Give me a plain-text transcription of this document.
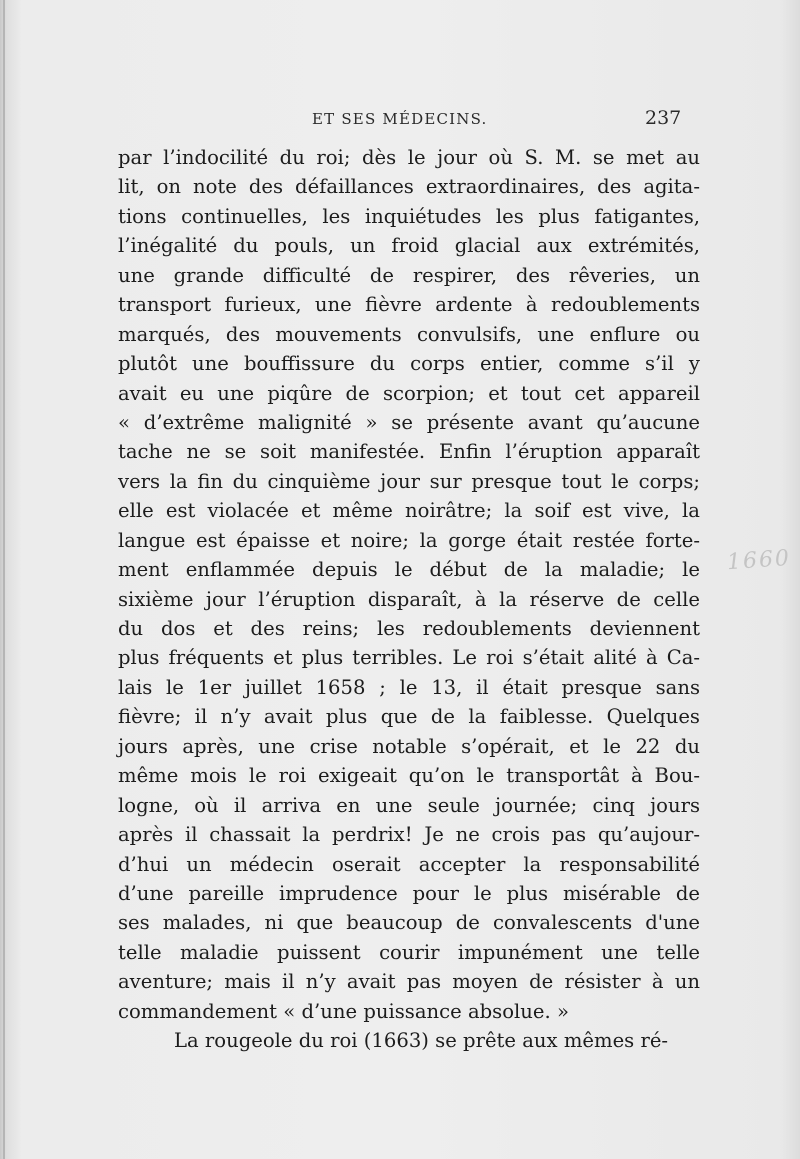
ET SES MÉDECINS.	237
par l’indocilité du roi; dès le jour où S. M. se met au
lit, on note des défaillances extraordinaires, des agita-
tions continuelles, les inquiétudes les plus fatigantes,
l’inégalité du pouls, un froid glacial aux extrémités,
une grande difficulté de respirer, des rêveries, un
transport furieux, une fièvre ardente à redoublements
marqués, des mouvements convulsifs, une enflure ou
plutôt une bouffissure du corps entier, comme s’il y
avait eu une piqûre de scorpion; et tout cet appareil
« d’extrême malignité » se présente avant qu’aucune
tache ne se soit manifestée. Enfin l’éruption apparaît
vers la fin du cinquième jour sur presque tout le corps;
elle est violacée et même noirâtre; la soif est vive, la
langue est épaisse et noire; la gorge était restée forte-
ment enflammée depuis le début de la maladie; le
sixième jour l’éruption disparaît, à la réserve de celle
du dos et des reins; les redoublements deviennent
plus fréquents et plus terribles. Le roi s’était alité à Ca-
lais le 1er juillet 1658 ; le 13, il était presque sans
fièvre; il n’y avait plus que de la faiblesse. Quelques
jours après, une crise notable s’opérait, et le 22 du
même mois le roi exigeait qu’on le transportât à Bou-
logne, où il arriva en une seule journée; cinq jours
après il chassait la perdrix! Je ne crois pas qu’aujour-
d’hui un médecin oserait accepter la responsabilité
d’une pareille imprudence pour le plus misérable de
ses malades, ni que beaucoup de convalescents d'une
telle maladie puissent courir impunément une telle
aventure; mais il n’y avait pas moyen de résister à un
commandement « d’une puissance absolue. »
La rougeole du roi (1663) se prête aux mêmes ré-
1660
